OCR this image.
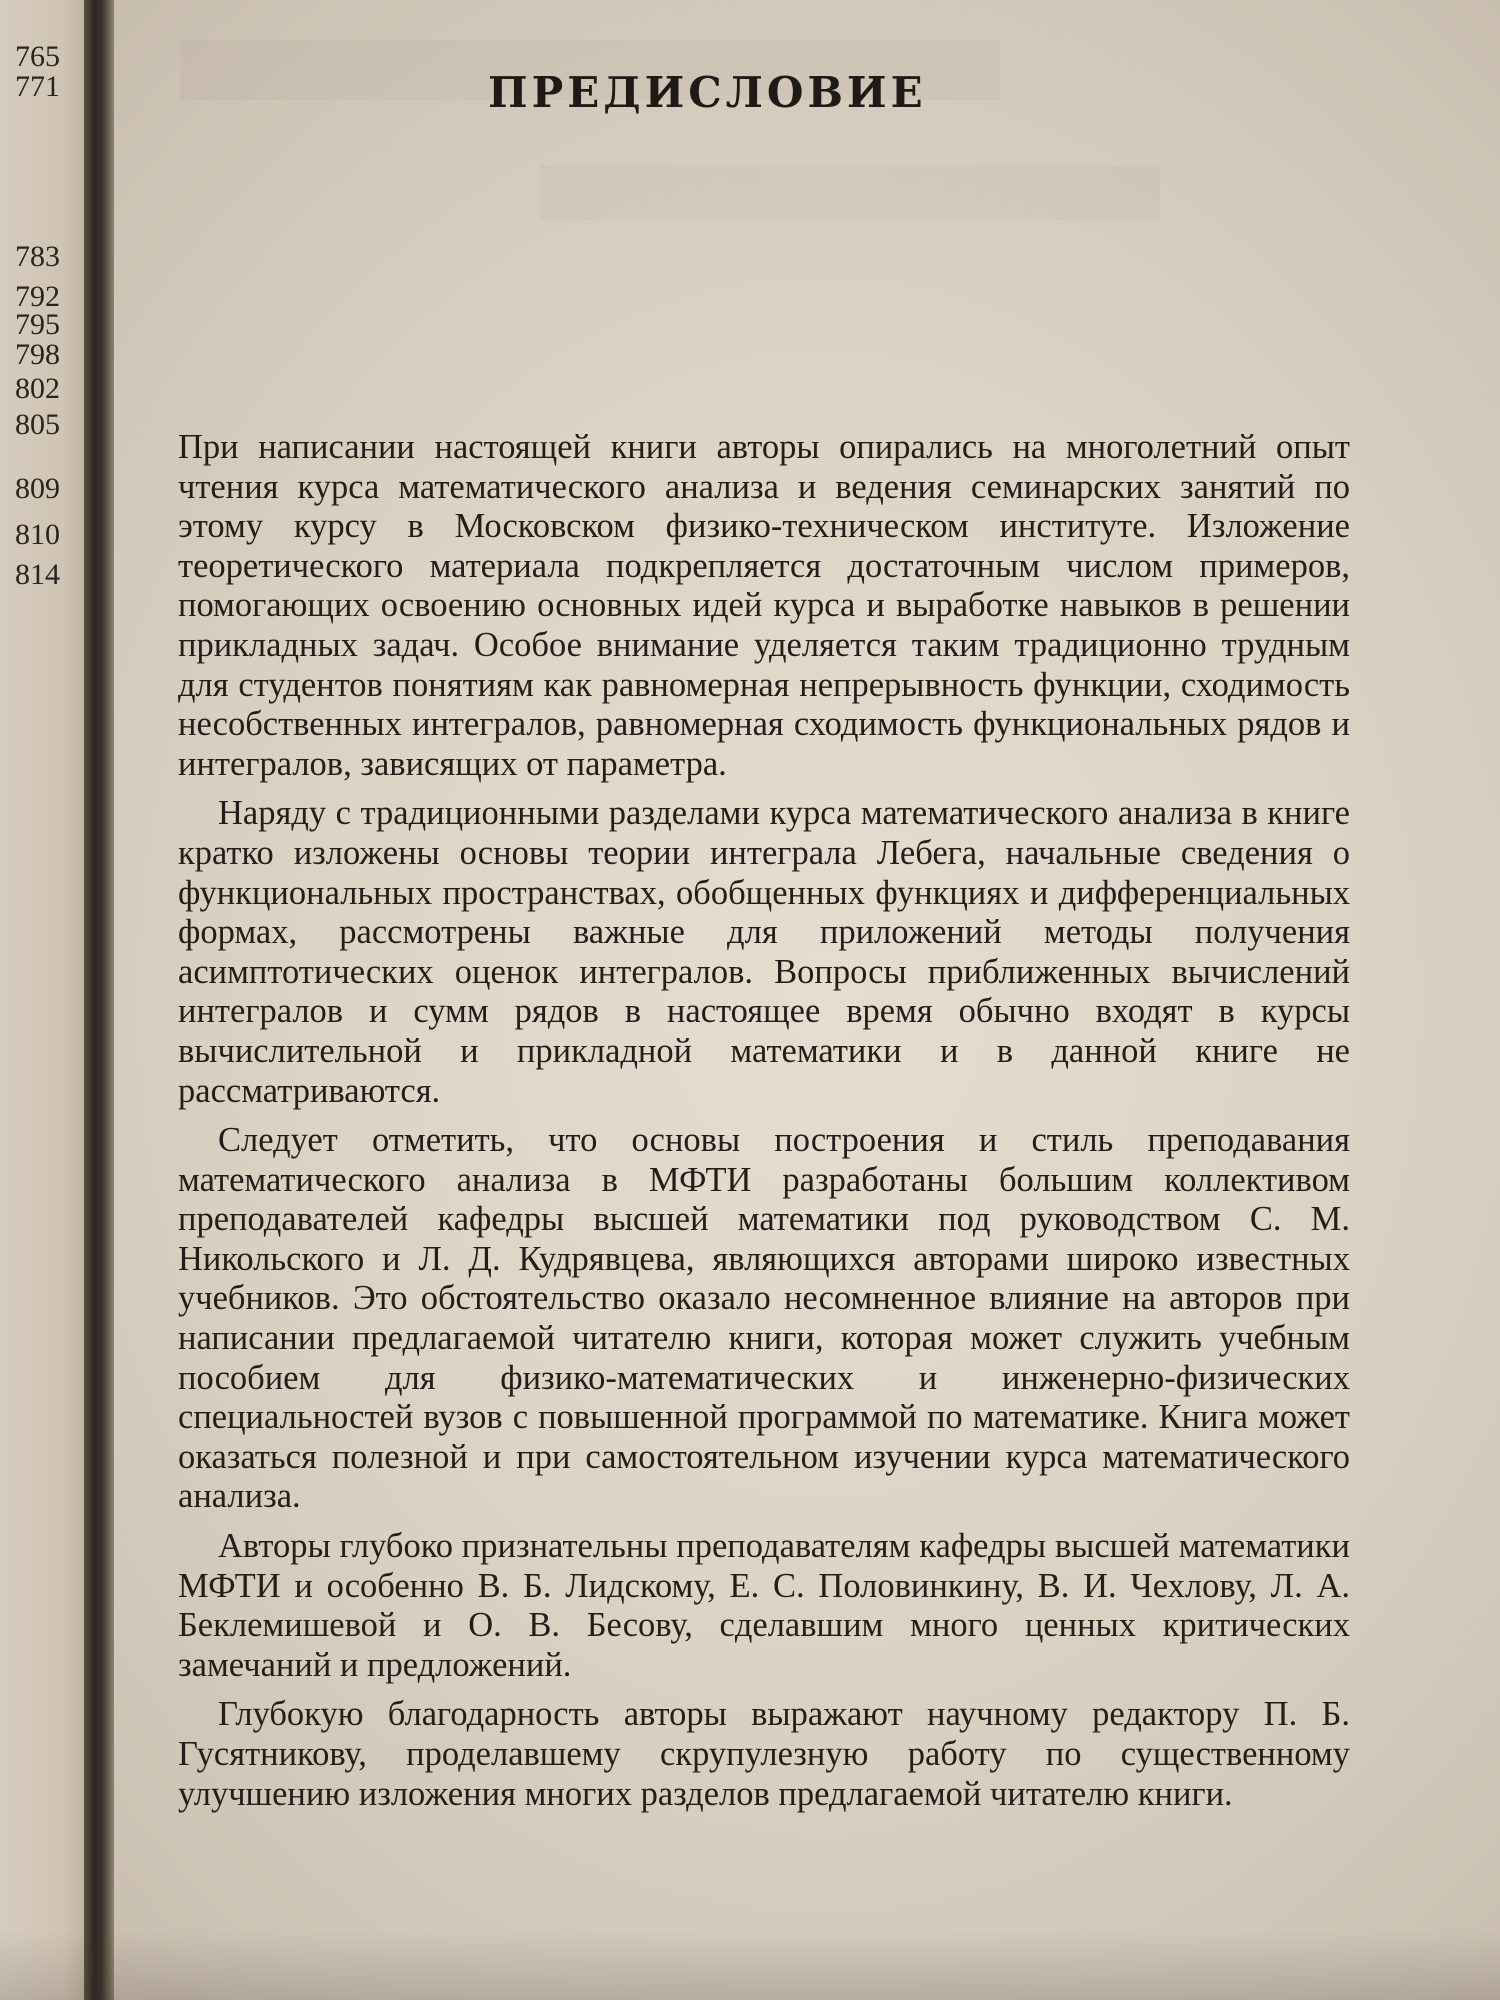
765
771
783
792
795
798
802
805
809
810
814
ПРЕДИСЛОВИЕ

При написании настоящей книги авторы опирались на многолетний опыт чтения курса математического анализа и ведения семинарских занятий по этому курсу в Московском физико-техническом институте. Изложение теоретического материала подкрепляется достаточным числом примеров, помогающих освоению основных идей курса и выработке навыков в решении прикладных задач. Особое внимание уделяется таким традиционно трудным для студентов понятиям как равномерная непрерывность функции, сходимость несобственных интегралов, равномерная сходимость функциональных рядов и интегралов, зависящих от параметра.

Наряду с традиционными разделами курса математического анализа в книге кратко изложены основы теории интеграла Лебега, начальные сведения о функциональных пространствах, обобщенных функциях и дифференциальных формах, рассмотрены важные для приложений методы получения асимптотических оценок интегралов. Вопросы приближенных вычислений интегралов и сумм рядов в настоящее время обычно входят в курсы вычислительной и прикладной математики и в данной книге не рассматриваются.

Следует отметить, что основы построения и стиль преподавания математического анализа в МФТИ разработаны большим коллективом преподавателей кафедры высшей математики под руководством С. М. Никольского и Л. Д. Кудрявцева, являющихся авторами широко известных учебников. Это обстоятельство оказало несомненное влияние на авторов при написании предлагаемой читателю книги, которая может служить учебным пособием для физико-математических и инженерно-физических специальностей вузов с повышенной программой по математике. Книга может оказаться полезной и при самостоятельном изучении курса математического анализа.

Авторы глубоко признательны преподавателям кафедры высшей математики МФТИ и особенно В. Б. Лидскому, Е. С. Половинкину, В. И. Чехлову, Л. А. Беклемишевой и О. В. Бесову, сделавшим много ценных критических замечаний и предложений.

Глубокую благодарность авторы выражают научному редактору П. Б. Гусятникову, проделавшему скрупулезную работу по существенному улучшению изложения многих разделов предлагаемой читателю книги.
